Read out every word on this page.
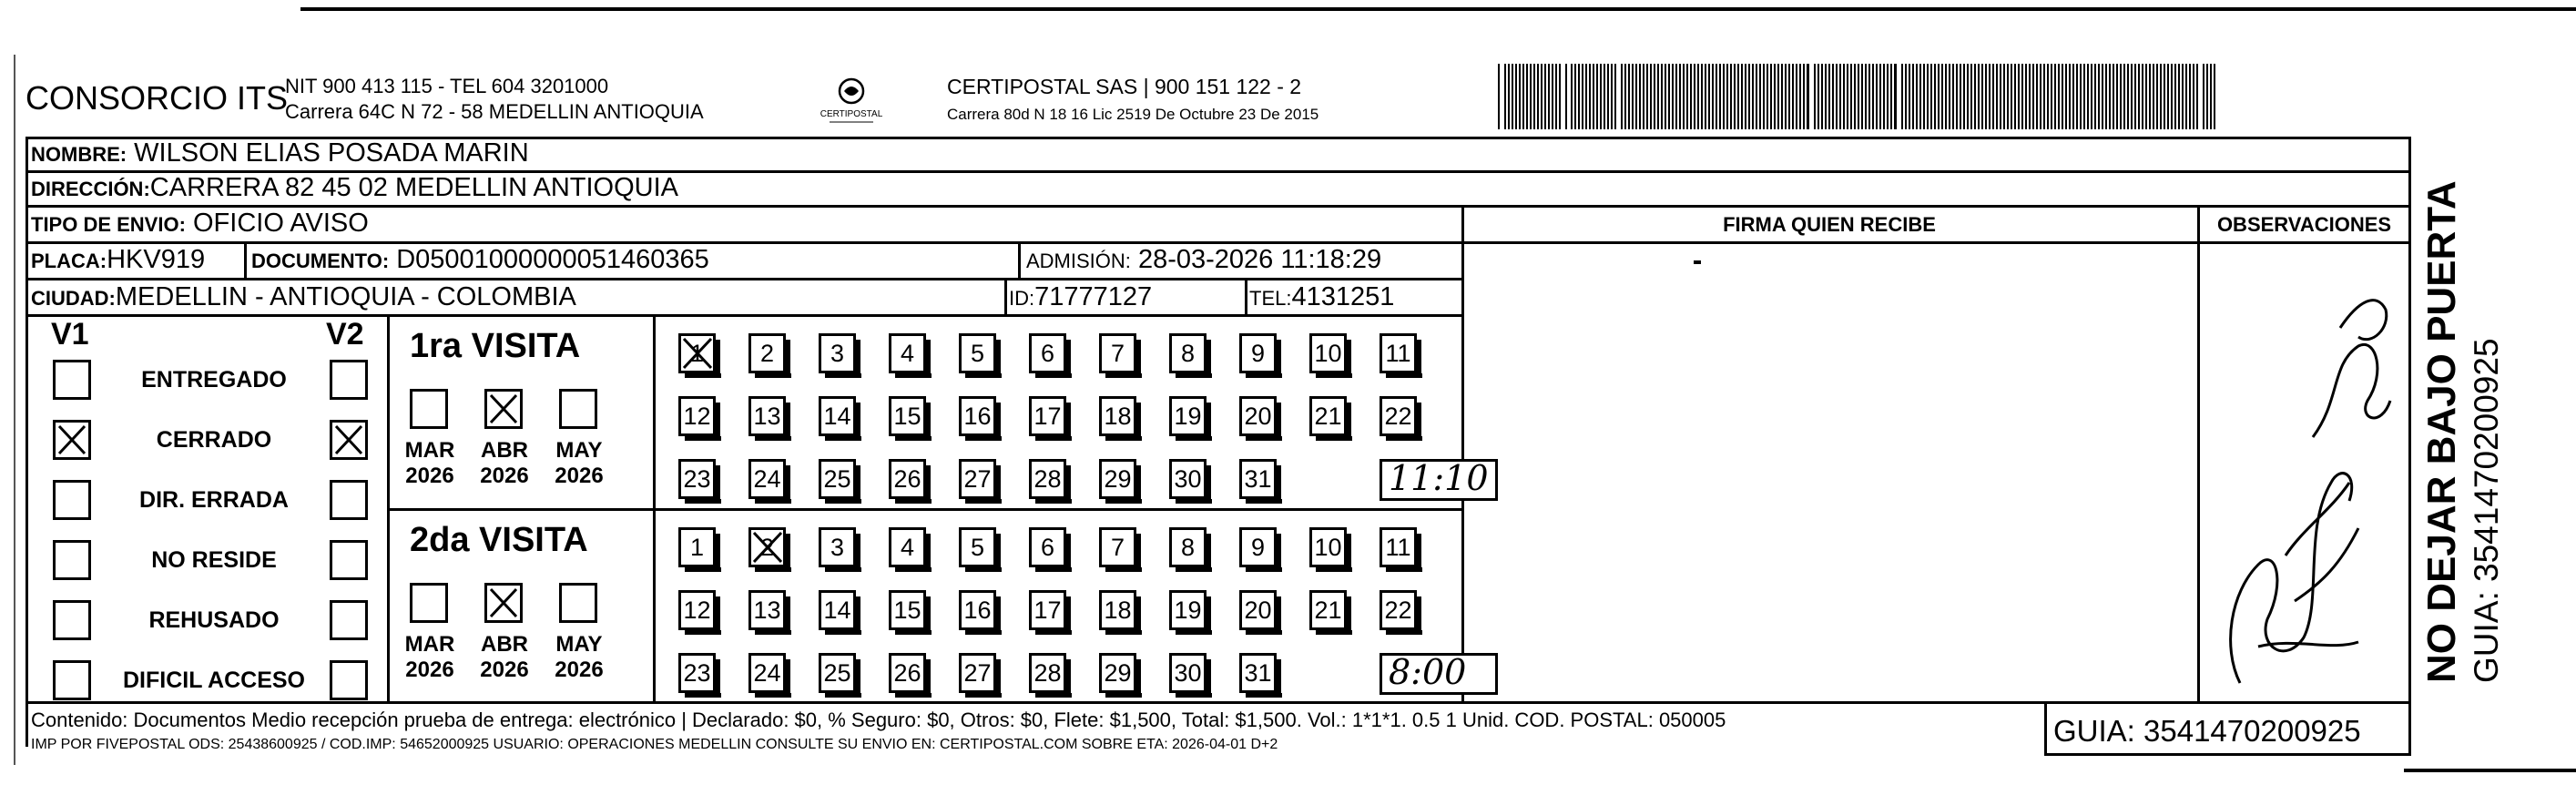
CONSORCIO ITS
NIT 900 413 115 - TEL 604 3201000
Carrera 64C N 72 - 58 MEDELLIN ANTIOQUIA	CERTIPOSTAL
CERTIPOSTAL SAS | 900 151 122 - 2
Carrera 80d N 18 16 Lic 2519 De Octubre 23 De 2015
NOMBRE: WILSON ELIAS POSADA MARIN
DIRECCIÓN:CARRERA 82 45 02 MEDELLIN ANTIOQUIA
TIPO DE ENVIO: OFICIO AVISO
PLACA:HKV919 DOCUMENTO: D05001000000051460365	ADMISIÓN: 28-03-2026 11:18:29
CIUDAD:MEDELLIN - ANTIOQUIA - COLOMBIA	ID:71777127	TEL:4131251
FIRMA QUIEN RECIBE	OBSERVACIONES
V1	V2
ENTREGADO
CERRADO
DIR. ERRADA
NO RESIDE
REHUSADO
DIFICIL ACCESO
1ra VISITA
MAR
2026
ABR
2026
MAY
2026
1	2	3	4	5	6	7	8	9	10 11
12 13 14 15 16 17 18 19 20 21 22
23 24 25 26 27 28 29 30 31	11:10
2da VISITA
MAR
2026
ABR
2026
MAY
2026
1	2	3	4	5	6	7	8	9	10 11
12 13 14 15 16 17 18 19 20 21 22
23 24 25 26 27 28 29 30 31	8:00
Contenido: Documentos Medio recepción prueba de entrega: electrónico | Declarado: $0, % Seguro: $0, Otros: $0, Flete: $1,500, Total: $1,500. Vol.: 1*1*1. 0.5 1 Unid. COD. POSTAL: 050005
IMP POR FIVEPOSTAL ODS: 25438600925 / COD.IMP: 54652000925 USUARIO: OPERACIONES MEDELLIN CONSULTE SU ENVIO EN: CERTIPOSTAL.COM SOBRE ETA: 2026-04-01 D+2	GUIA: 3541470200925
NO DEJAR BAJO PUERTA GUIA: 3541470200925
